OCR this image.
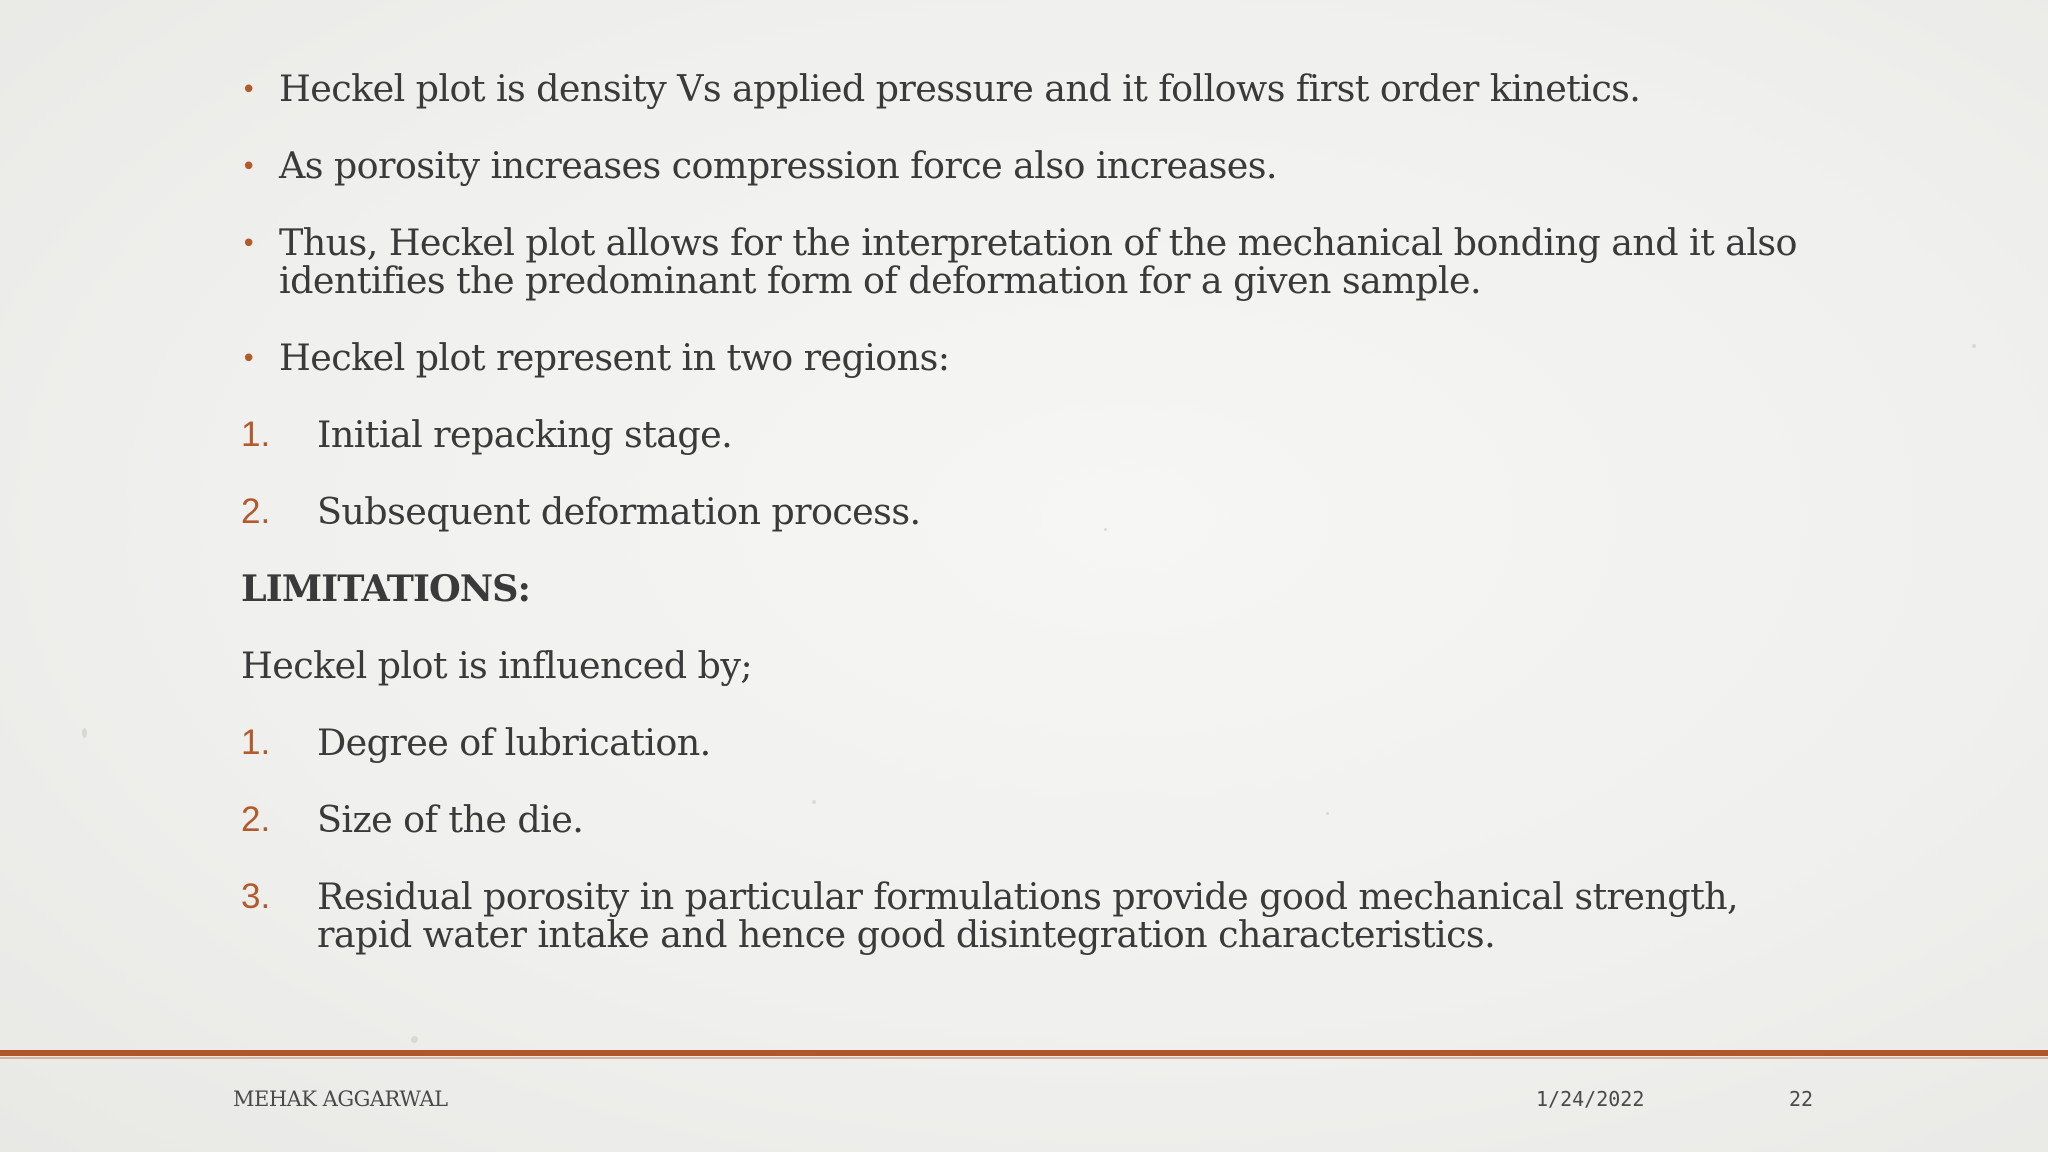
• Heckel plot is density Vs applied pressure and it follows first order kinetics.
• As porosity increases compression force also increases.
• Thus, Heckel plot allows for the interpretation of the mechanical bonding and it also identifies the predominant form of deformation for a given sample.
• Heckel plot represent in two regions:
1. Initial repacking stage.
2. Subsequent deformation process.
LIMITATIONS:
Heckel plot is influenced by;
1. Degree of lubrication.
2. Size of the die.
3. Residual porosity in particular formulations provide good mechanical strength, rapid water intake and hence good disintegration characteristics.
MEHAK AGGARWAL	1/24/2022	22
